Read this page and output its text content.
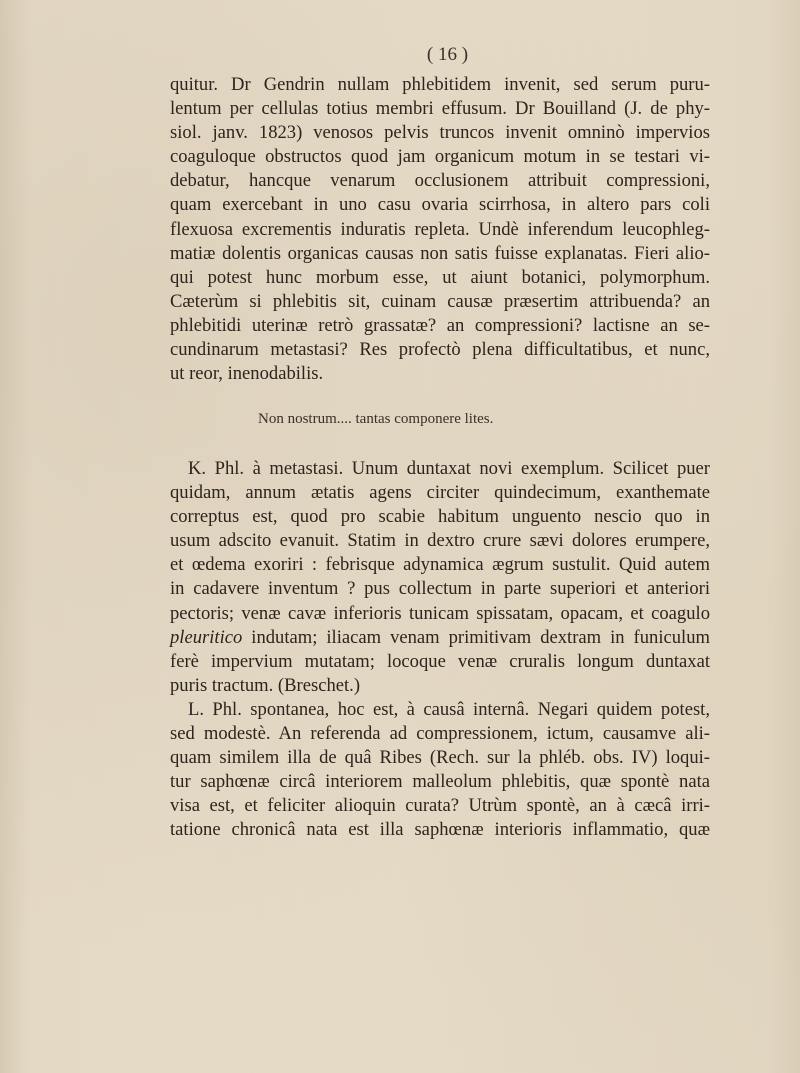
( 16 )
quitur. Dr Gendrin nullam phlebitidem invenit, sed serum puru-
lentum per cellulas totius membri effusum. Dr Bouilland (J. de phy-
siol. janv. 1823) venosos pelvis truncos invenit omninò impervios
coaguloque obstructos quod jam organicum motum in se testari vi-
debatur, hancque venarum occlusionem attribuit compressioni,
quam exercebant in uno casu ovaria scirrhosa, in altero pars coli
flexuosa excrementis induratis repleta. Undè inferendum leucophleg-
matiæ dolentis organicas causas non satis fuisse explanatas. Fieri alio-
qui potest hunc morbum esse, ut aiunt botanici, polymorphum.
Cæterùm si phlebitis sit, cuinam causæ præsertim attribuenda? an
phlebitidi uterinæ retrò grassatæ? an compressioni? lactisne an se-
cundinarum metastasi? Res profectò plena difficultatibus, et nunc,
ut reor, inenodabilis.
Non nostrum.... tantas componere lites.
K. Phl. à metastasi. Unum duntaxat novi exemplum. Scilicet puer
quidam, annum ætatis agens circiter quindecimum, exanthemate
correptus est, quod pro scabie habitum unguento nescio quo in
usum adscito evanuit. Statim in dextro crure sævi dolores erumpere,
et œdema exoriri : febrisque adynamica ægrum sustulit. Quid autem
in cadavere inventum ? pus collectum in parte superiori et anteriori
pectoris; venæ cavæ inferioris tunicam spissatam, opacam, et coagulo
pleuritico indutam; iliacam venam primitivam dextram in funiculum
ferè impervium mutatam; locoque venæ cruralis longum duntaxat
puris tractum. (Breschet.)
L. Phl. spontanea, hoc est, à causâ internâ. Negari quidem potest,
sed modestè. An referenda ad compressionem, ictum, causamve ali-
quam similem illa de quâ Ribes (Rech. sur la phléb. obs. IV) loqui-
tur saphœnæ circâ interiorem malleolum phlebitis, quæ spontè nata
visa est, et feliciter alioquin curata? Utrùm spontè, an à cæcâ irri-
tatione chronicâ nata est illa saphœnæ interioris inflammatio, quæ
